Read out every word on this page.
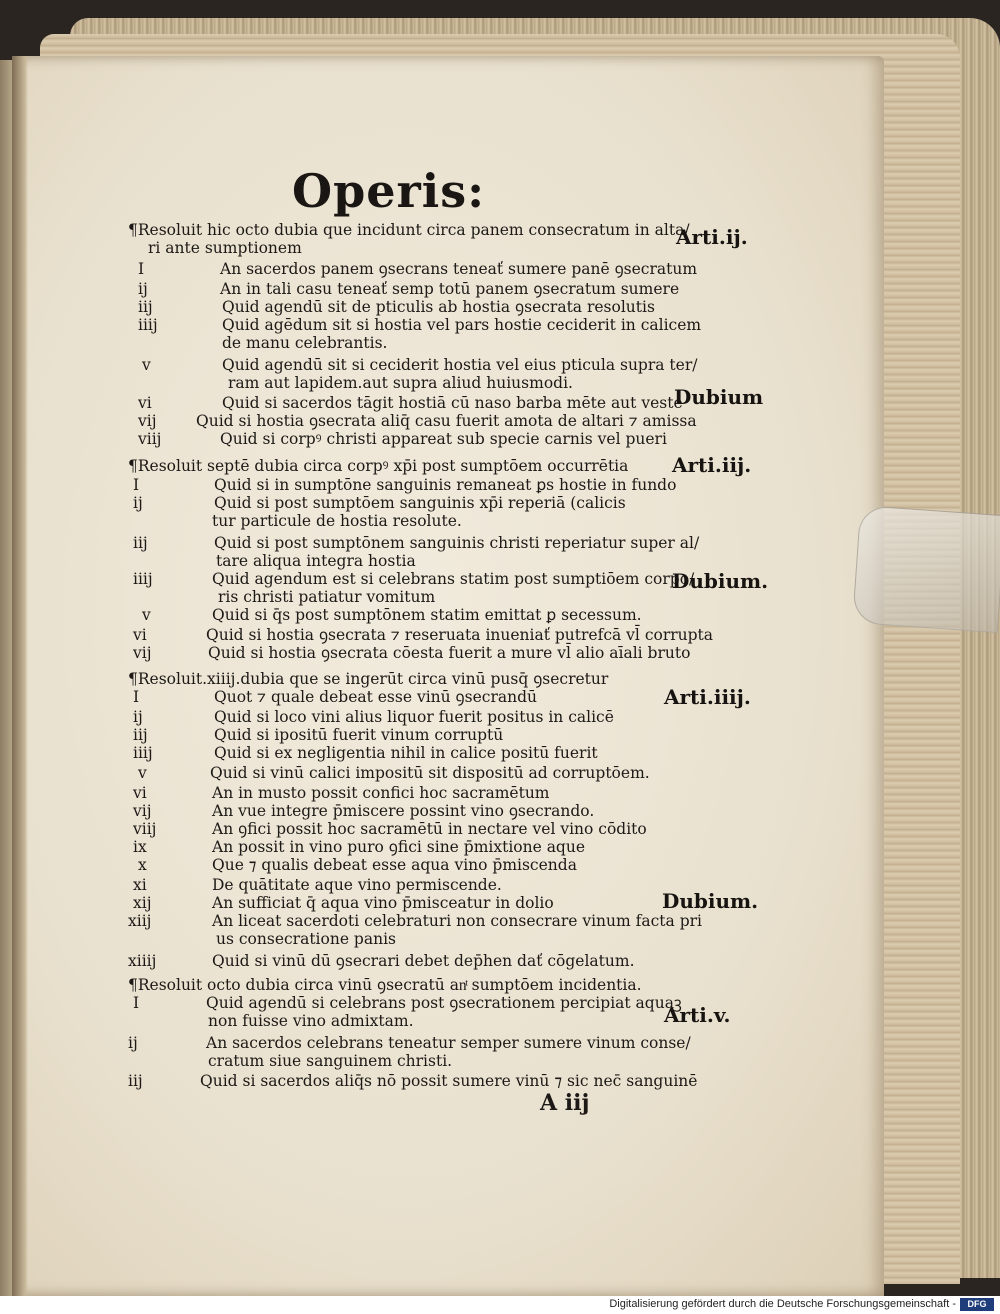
Operis:
¶Resoluit hic octo dubia que incidunt circa panem consecratum in alta/
ri ante sumptionem
I	An sacerdos panem ꝯsecrans teneať sumere panē ꝯsecratum
ij	An in tali casu teneať semp totū panem ꝯsecratum sumere
iij	Quid agendū sit de pticulis ab hostia ꝯsecrata resolutis
iiij	Quid agēdum sit si hostia vel pars hostie ceciderit in calicem
de manu celebrantis.
v	Quid agendū sit si ceciderit hostia vel eius pticula supra ter/
ram aut lapidem.aut supra aliud huiusmodi.
vi	Quid si sacerdos tāgit hostiā cū naso barba mēte aut veste
vij	Quid si hostia ꝯsecrata aliq̄ casu fuerit amota de altari ⁊ amissa
viij	Quid si corpꝰ christi appareat sub specie carnis vel pueri
¶Resoluit septē dubia circa corpꝰ xp̄i post sumptōem occurrētia
I	Quid si in sumptōne sanguinis remaneat ꝑs hostie in fundo
ij	Quid si post sumptōem sanguinis xp̄i reperiā (calicis
tur particule de hostia resolute.
iij	Quid si post sumptōnem sanguinis christi reperiatur super al/
tare aliqua integra hostia
iiij	Quid agendum est si celebrans statim post sumptiōem corpo/
ris christi patiatur vomitum
v	Quid si q̄s post sumptōnem statim emittat ꝑ secessum.
vi	Quid si hostia ꝯsecrata ⁊ reseruata inueniať putrefcā vl̄ corrupta
vij	Quid si hostia ꝯsecrata cōesta fuerit a mure vl̄ alio aīali bruto
¶Resoluit.xiiij.dubia que se ingerūt circa vinū pusq̄ ꝯsecretur
I	Quot ⁊ quale debeat esse vinū ꝯsecrandū
ij	Quid si loco vini alius liquor fuerit positus in calicē
iij	Quid si ipositū fuerit vinum corruptū
iiij	Quid si ex negligentia nihil in calice positū fuerit
v	Quid si vinū calici impositū sit dispositū ad corruptōem.
vi	An in musto possit confici hoc sacramētum
vij	An vue integre p̄miscere possint vino ꝯsecrando.
viij	An ꝯfici possit hoc sacramētū in nectare vel vino cōdito
ix	An possit in vino puro ꝯfici sine p̄mixtione aque
x	Que ⁊ qualis debeat esse aqua vino p̄miscenda
xi	De quātitate aque vino permiscende.
xij	An sufficiat q̄ aqua vino p̄misceatur in dolio
xiij	An liceat sacerdoti celebraturi non consecrare vinum facta pri
us consecratione panis
xiiij	Quid si vinū dū ꝯsecrari debet dep̄hen dať cōgelatum.
¶Resoluit octo dubia circa vinū ꝯsecratū anͭ sumptōem incidentia.
I	Quid agendū si celebrans post ꝯsecrationem percipiat aquaꝫ
non fuisse vino admixtam.
ij	An sacerdos celebrans teneatur semper sumere vinum conse/
cratum siue sanguinem christi.
iij	Quid si sacerdos aliq̄s nō possit sumere vinū ⁊ sic nec̄ sanguinē
Arti.ij.
Dubium
Arti.iij.
Dubium.
Arti.iiij.
Dubium.
Arti.v.
A iij
Digitalisierung gefördert durch die Deutsche Forschungsgemeinschaft -	DFG
